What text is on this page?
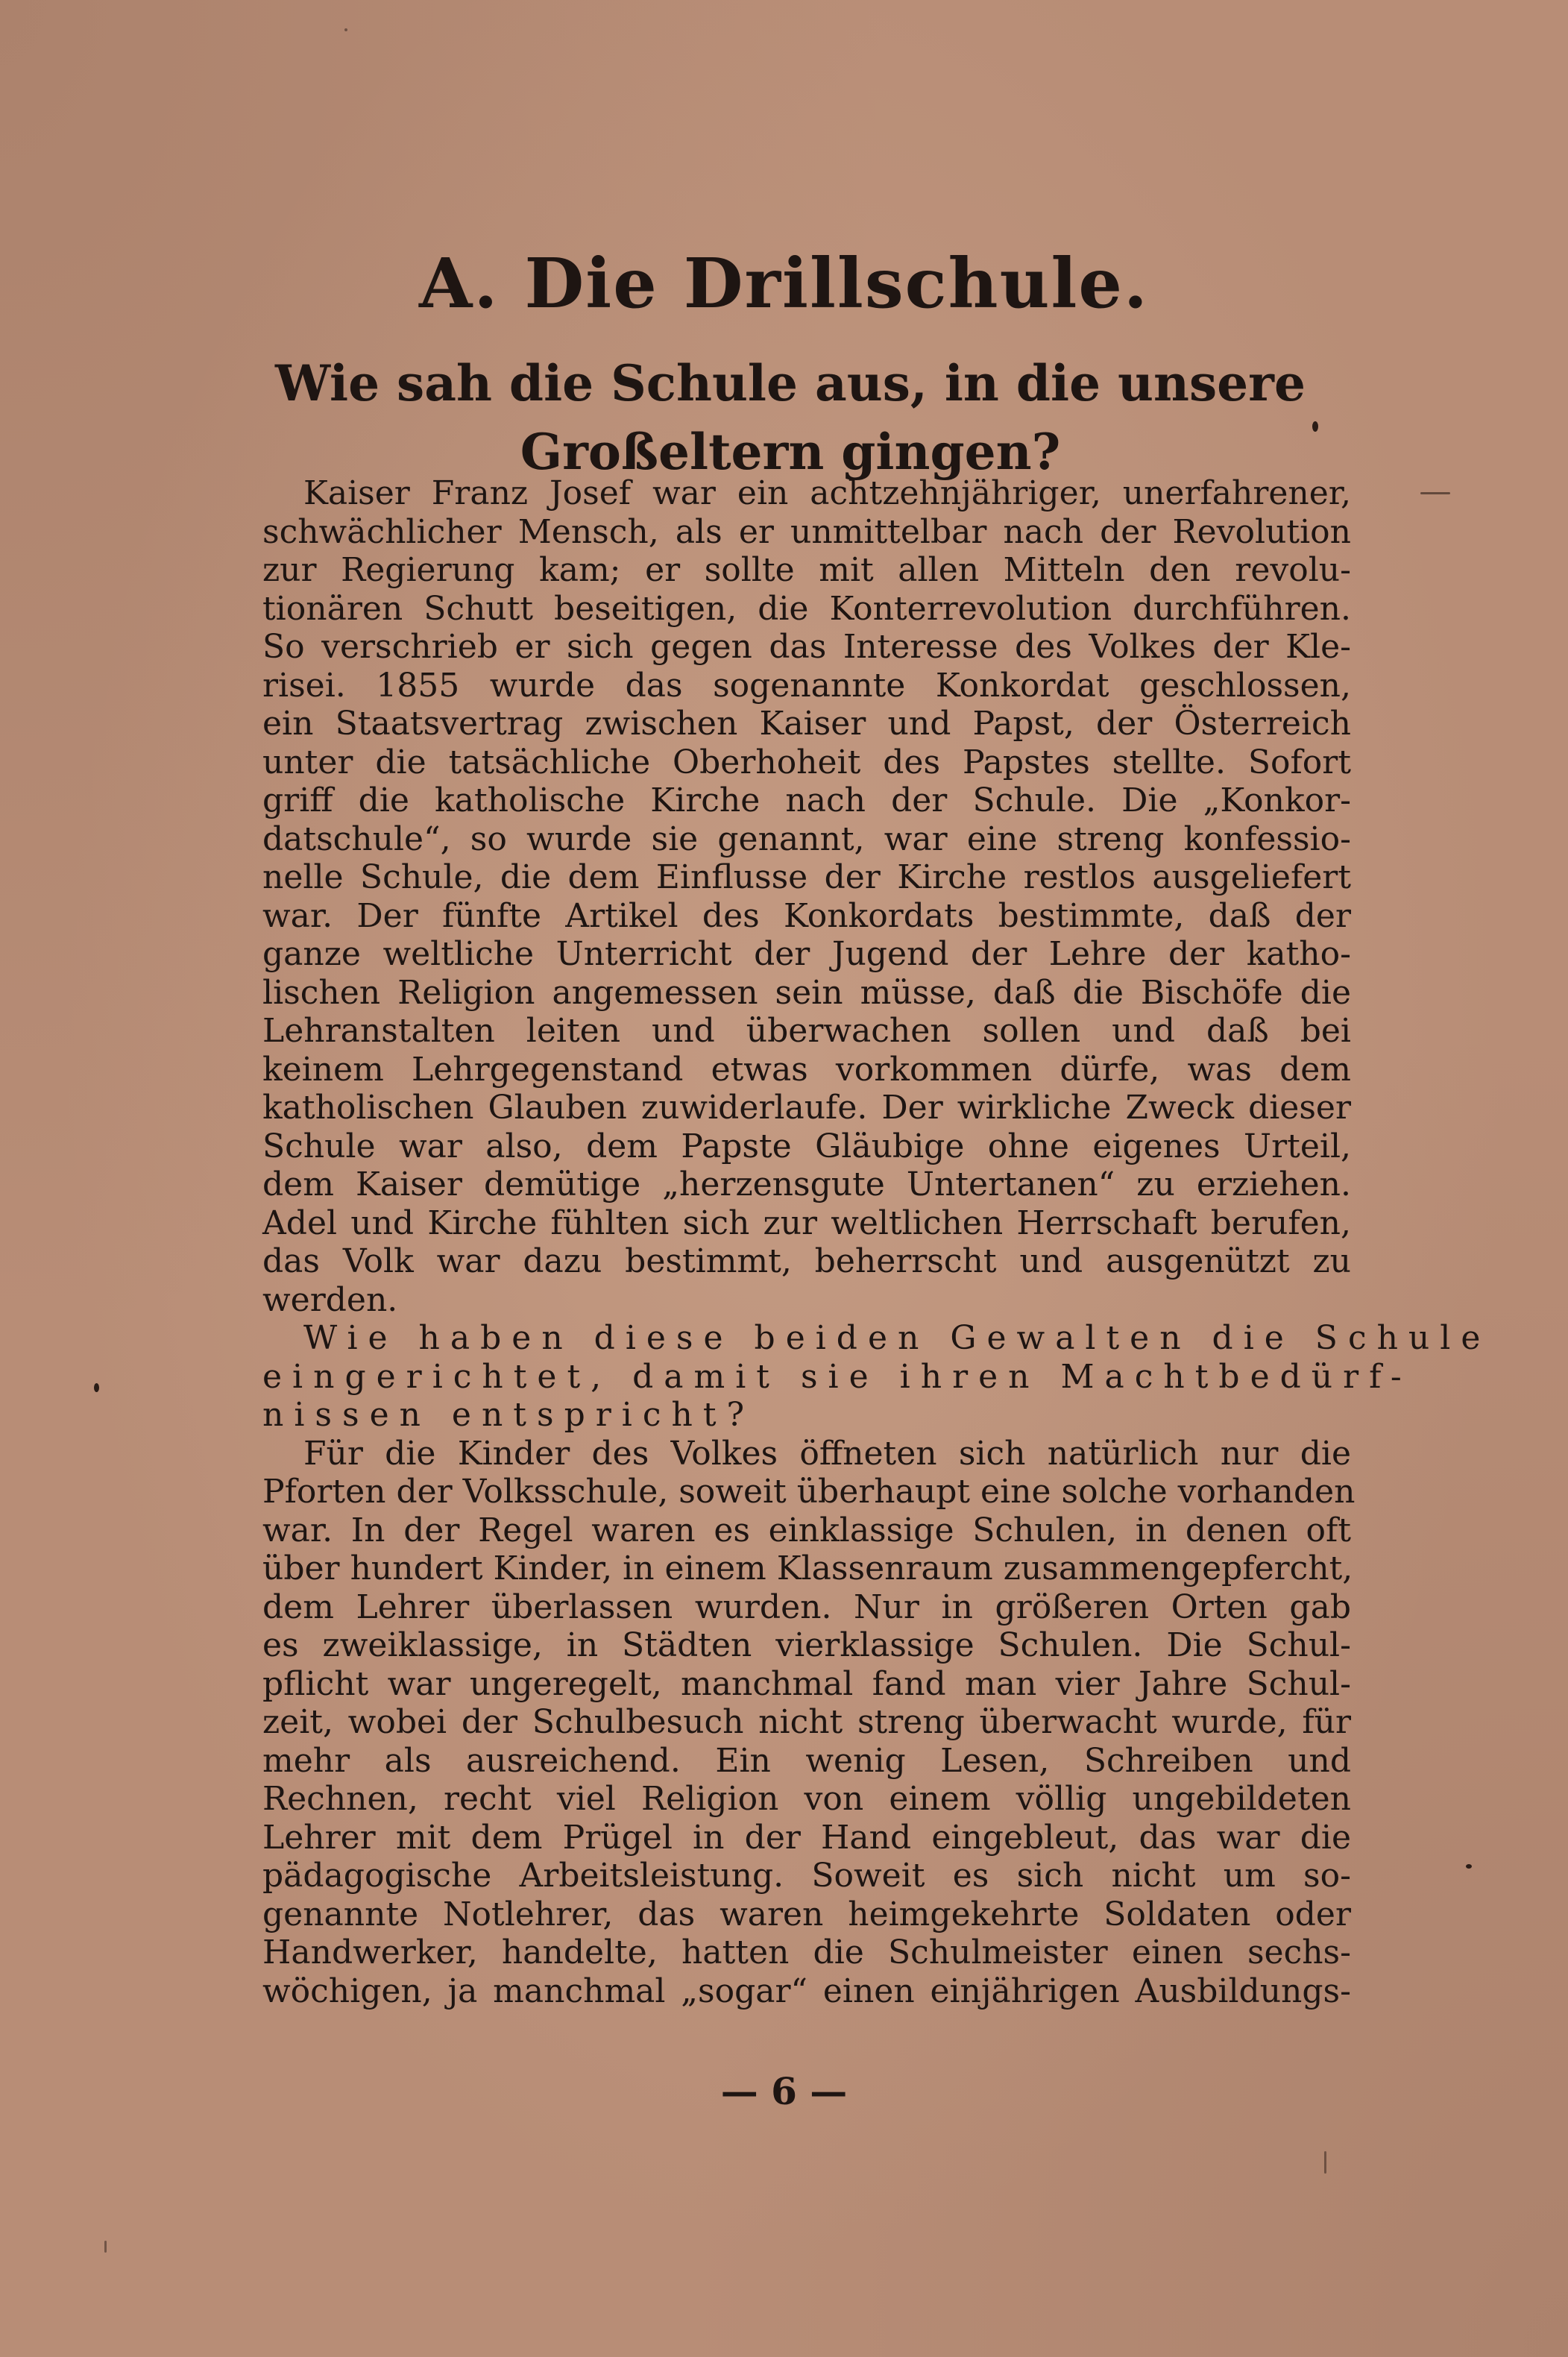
A. Die Drillschule.
Wie sah die Schule aus, in die unsere
Großeltern gingen?
Kaiser Franz Josef war ein achtzehnjähriger, unerfahrener,
schwächlicher Mensch, als er unmittelbar nach der Revolution
zur Regierung kam; er sollte mit allen Mitteln den revolu-
tionären Schutt beseitigen, die Konterrevolution durchführen.
So verschrieb er sich gegen das Interesse des Volkes der Kle-
risei. 1855 wurde das sogenannte Konkordat geschlossen,
ein Staatsvertrag zwischen Kaiser und Papst, der Österreich
unter die tatsächliche Oberhoheit des Papstes stellte. Sofort
griff die katholische Kirche nach der Schule. Die „Konkor-
datschule“, so wurde sie genannt, war eine streng konfessio-
nelle Schule, die dem Einflusse der Kirche restlos ausgeliefert
war. Der fünfte Artikel des Konkordats bestimmte, daß der
ganze weltliche Unterricht der Jugend der Lehre der katho-
lischen Religion angemessen sein müsse, daß die Bischöfe die
Lehranstalten leiten und überwachen sollen und daß bei
keinem Lehrgegenstand etwas vorkommen dürfe, was dem
katholischen Glauben zuwiderlaufe. Der wirkliche Zweck dieser
Schule war also, dem Papste Gläubige ohne eigenes Urteil,
dem Kaiser demütige „herzensgute Untertanen“ zu erziehen.
Adel und Kirche fühlten sich zur weltlichen Herrschaft berufen,
das Volk war dazu bestimmt, beherrscht und ausgenützt zu
werden.
Wie haben diese beiden Gewalten die Schule
eingerichtet, damit sie ihren Machtbedürf-
nissen entspricht?
Für die Kinder des Volkes öffneten sich natürlich nur die
Pforten der Volksschule, soweit überhaupt eine solche vorhanden
war. In der Regel waren es einklassige Schulen, in denen oft
über hundert Kinder, in einem Klassenraum zusammengepfercht,
dem Lehrer überlassen wurden. Nur in größeren Orten gab
es zweiklassige, in Städten vierklassige Schulen. Die Schul-
pflicht war ungeregelt, manchmal fand man vier Jahre Schul-
zeit, wobei der Schulbesuch nicht streng überwacht wurde, für
mehr als ausreichend. Ein wenig Lesen, Schreiben und
Rechnen, recht viel Religion von einem völlig ungebildeten
Lehrer mit dem Prügel in der Hand eingebleut, das war die
pädagogische Arbeitsleistung. Soweit es sich nicht um so-
genannte Notlehrer, das waren heimgekehrte Soldaten oder
Handwerker, handelte, hatten die Schulmeister einen sechs-
wöchigen, ja manchmal „sogar“ einen einjährigen Ausbildungs-
— 6 —
